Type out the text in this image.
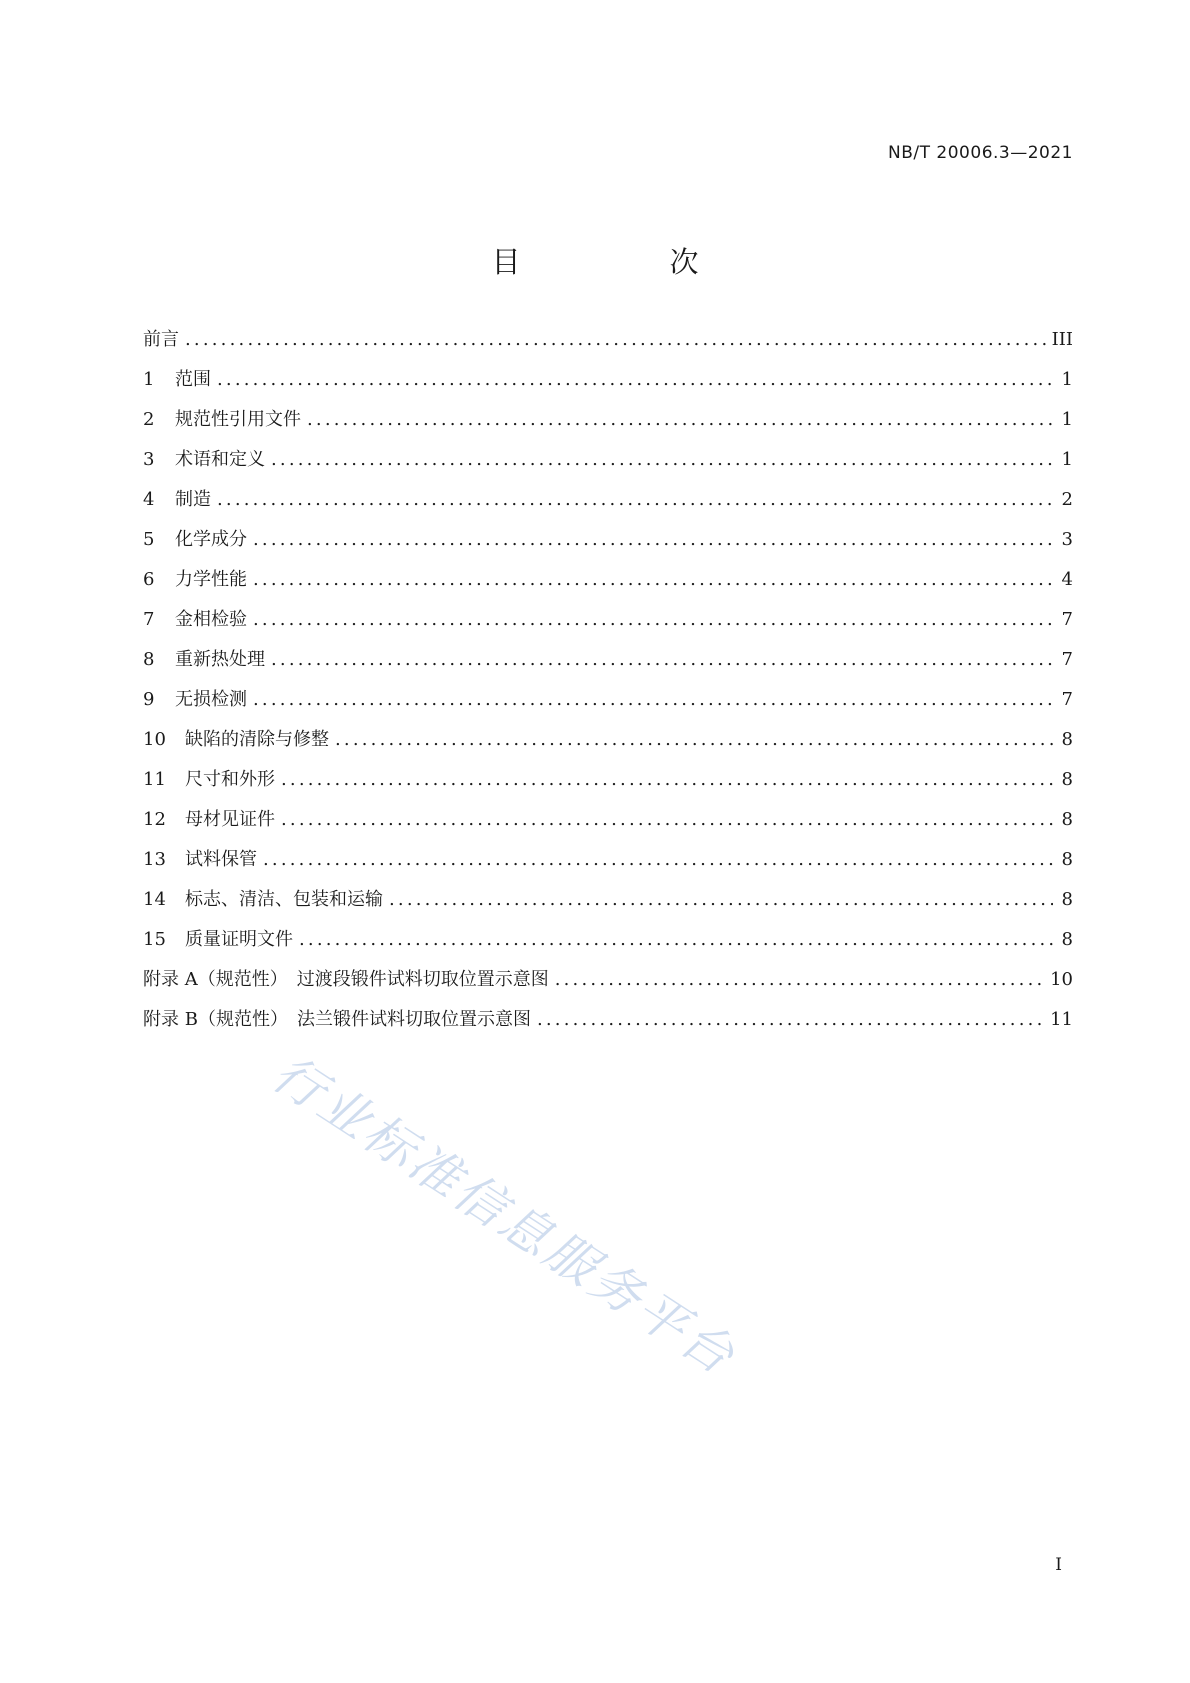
NB/T 20006.3—2021
目　次
前言 .....	III
1	范围 .....	1
2	规范性引用文件 .....	1
3	术语和定义 .....	1
4	制造 .....	2
5	化学成分 .....	3
6	力学性能 .....	4
7	金相检验 .....	7
8	重新热处理 .....	7
9	无损检测 .....	7
10	缺陷的清除与修整 .....	8
11	尺寸和外形 .....	8
12	母材见证件 .....	8
13	试料保管 .....	8
14	标志、清洁、包装和运输 .....	8
15	质量证明文件 .....	8
附录 A（规范性）　过渡段锻件试料切取位置示意图 .....	10
附录 B（规范性）　法兰锻件试料切取位置示意图 .....	11
行业标准信息服务平台
I
